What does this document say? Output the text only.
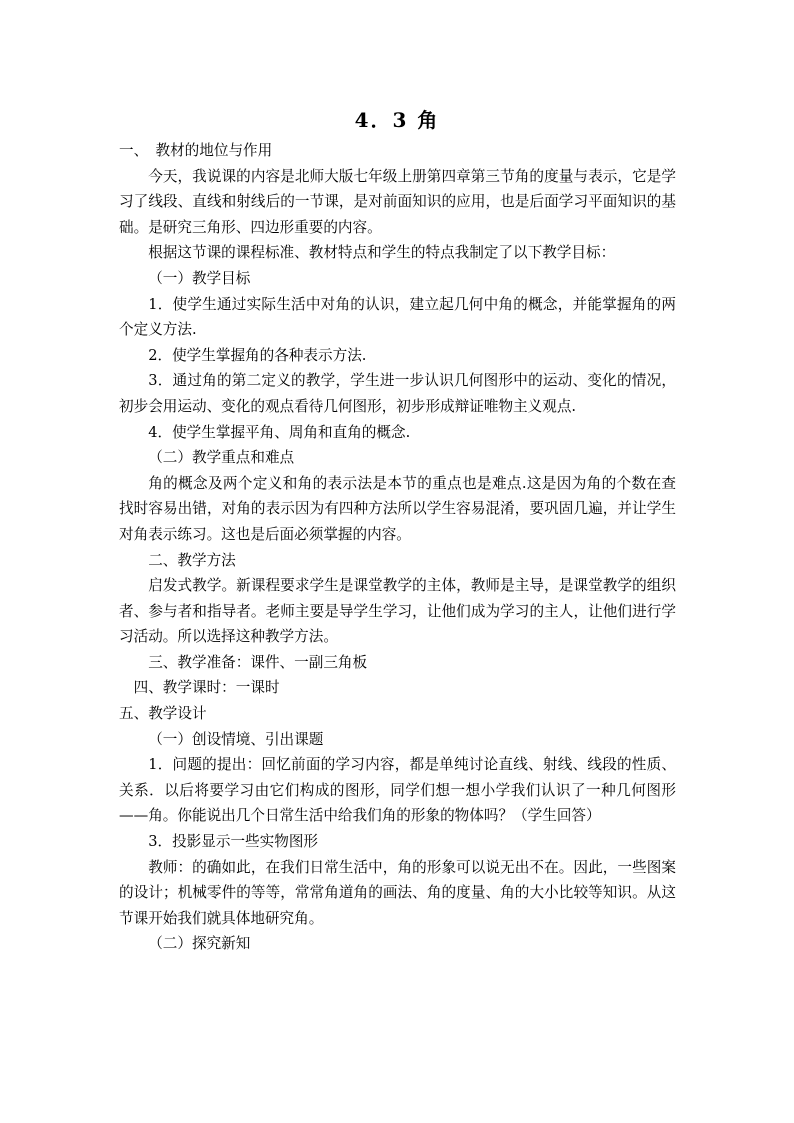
4．3 角

一、　教材的地位与作用

今天，我说课的内容是北师大版七年级上册第四章第三节角的度量与表示，它是学习了线段、直线和射线后的一节课，是对前面知识的应用，也是后面学习平面知识的基础。是研究三角形、四边形重要的内容。

根据这节课的课程标准、教材特点和学生的特点我制定了以下教学目标：

（一）教学目标

1．使学生通过实际生活中对角的认识，建立起几何中角的概念，并能掌握角的两个定义方法.

2．使学生掌握角的各种表示方法.

3．通过角的第二定义的教学，学生进一步认识几何图形中的运动、变化的情况，初步会用运动、变化的观点看待几何图形，初步形成辩证唯物主义观点.

4．使学生掌握平角、周角和直角的概念.

（二）教学重点和难点

角的概念及两个定义和角的表示法是本节的重点也是难点.这是因为角的个数在查找时容易出错，对角的表示因为有四种方法所以学生容易混淆，要巩固几遍，并让学生对角表示练习。这也是后面必须掌握的内容。

二、教学方法

启发式教学。新课程要求学生是课堂教学的主体，教师是主导，是课堂教学的组织者、参与者和指导者。老师主要是导学生学习，让他们成为学习的主人，让他们进行学习活动。所以选择这种教学方法。

三、教学准备：课件、一副三角板

四、教学课时：一课时

五、教学设计

（一）创设情境、引出课题

1．问题的提出：回忆前面的学习内容，都是单纯讨论直线、射线、线段的性质、关系．以后将要学习由它们构成的图形，同学们想一想小学我们认识了一种几何图形——角。你能说出几个日常生活中给我们角的形象的物体吗？（学生回答）

3．投影显示一些实物图形

教师：的确如此，在我们日常生活中，角的形象可以说无出不在。因此，一些图案的设计；机械零件的等等，常常角道角的画法、角的度量、角的大小比较等知识。从这节课开始我们就具体地研究角。

（二）探究新知
